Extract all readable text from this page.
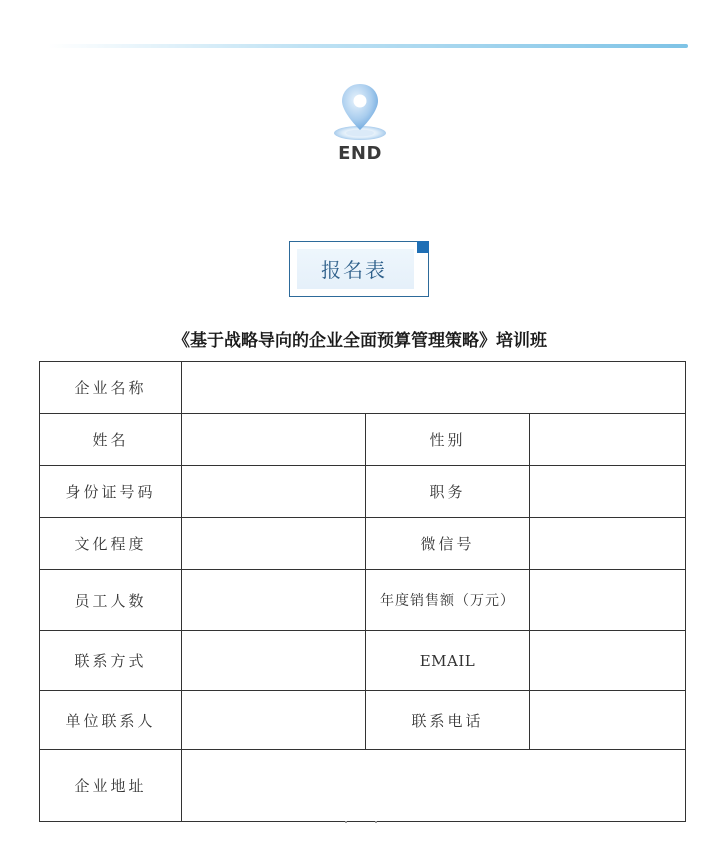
END
报名表
《基于战略导向的企业全面预算管理策略》培训班
企业名称			
姓名		性别	
身份证号码		职务	
文化程度		微信号	
员工人数		年度销售额（万元）	
联系方式		EMAIL	
单位联系人		联系电话	
企业地址			
